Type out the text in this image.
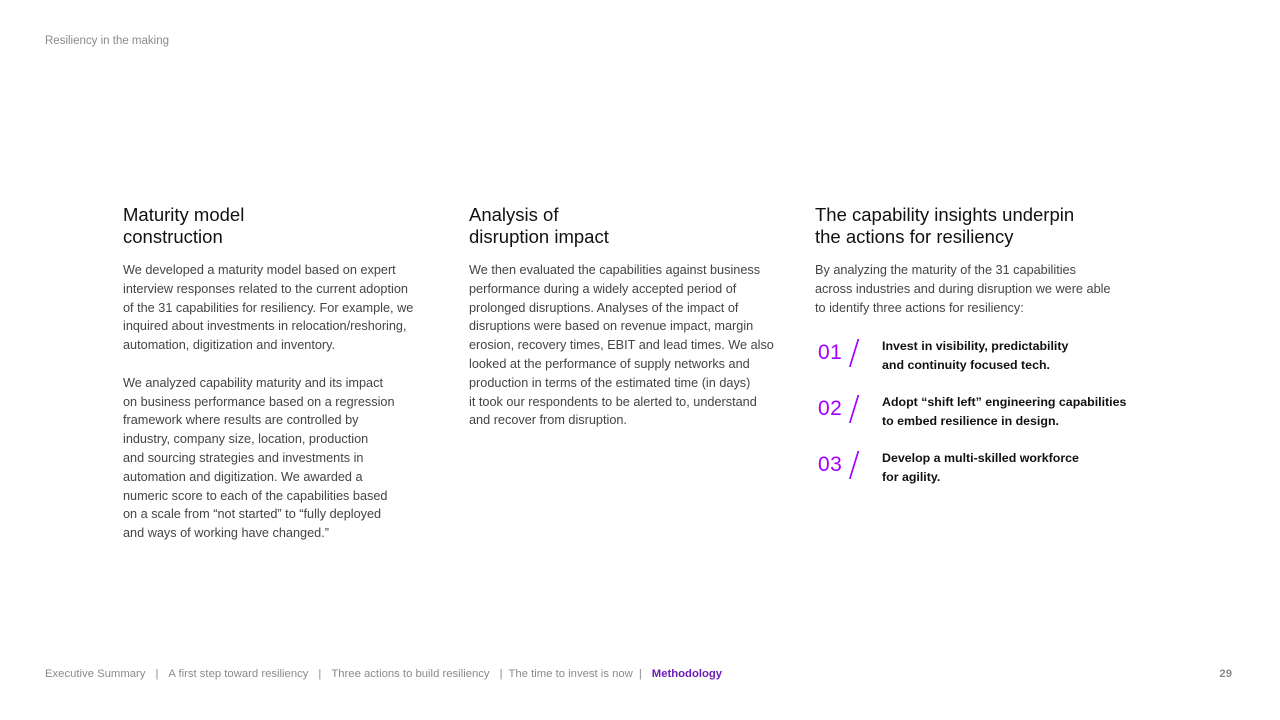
Resiliency in the making
Maturity model
construction

We developed a maturity model based on expert
interview responses related to the current adoption
of the 31 capabilities for resiliency. For example, we
inquired about investments in relocation/reshoring,
automation, digitization and inventory.

We analyzed capability maturity and its impact
on business performance based on a regression
framework where results are controlled by
industry, company size, location, production
and sourcing strategies and investments in
automation and digitization. We awarded a
numeric score to each of the capabilities based
on a scale from “not started” to “fully deployed
and ways of working have changed.”

Analysis of
disruption impact

We then evaluated the capabilities against business
performance during a widely accepted period of
prolonged disruptions. Analyses of the impact of
disruptions were based on revenue impact, margin
erosion, recovery times, EBIT and lead times. We also
looked at the performance of supply networks and
production in terms of the estimated time (in days)
it took our respondents to be alerted to, understand
and recover from disruption.

The capability insights underpin
the actions for resiliency

By analyzing the maturity of the 31 capabilities
across industries and during disruption we were able
to identify three actions for resiliency:

01 / Invest in visibility, predictability
and continuity focused tech.
02 / Adopt “shift left” engineering capabilities
to embed resilience in design.
03 / Develop a multi-skilled workforce
for agility.
Executive Summary | A first step toward resiliency | Three actions to build resiliency | The time to invest is now | Methodology	29
